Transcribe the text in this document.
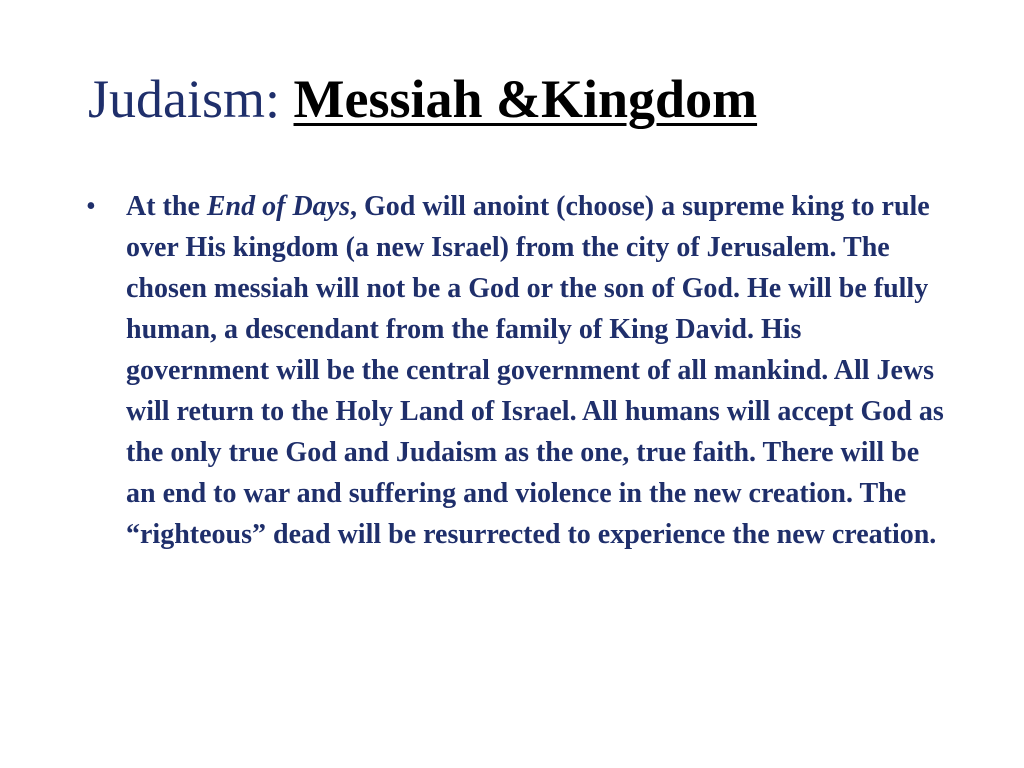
Judaism: Messiah &Kingdom
• At the End of Days, God will anoint (choose) a supreme king to rule over His kingdom (a new Israel) from the city of Jerusalem. The chosen messiah will not be a God or the son of God. He will be fully human, a descendant from the family of King David. His government will be the central government of all mankind. All Jews will return to the Holy Land of Israel. All humans will accept God as the only true God and Judaism as the one, true faith. There will be an end to war and suffering and violence in the new creation. The “righteous” dead will be resurrected to experience the new creation.
